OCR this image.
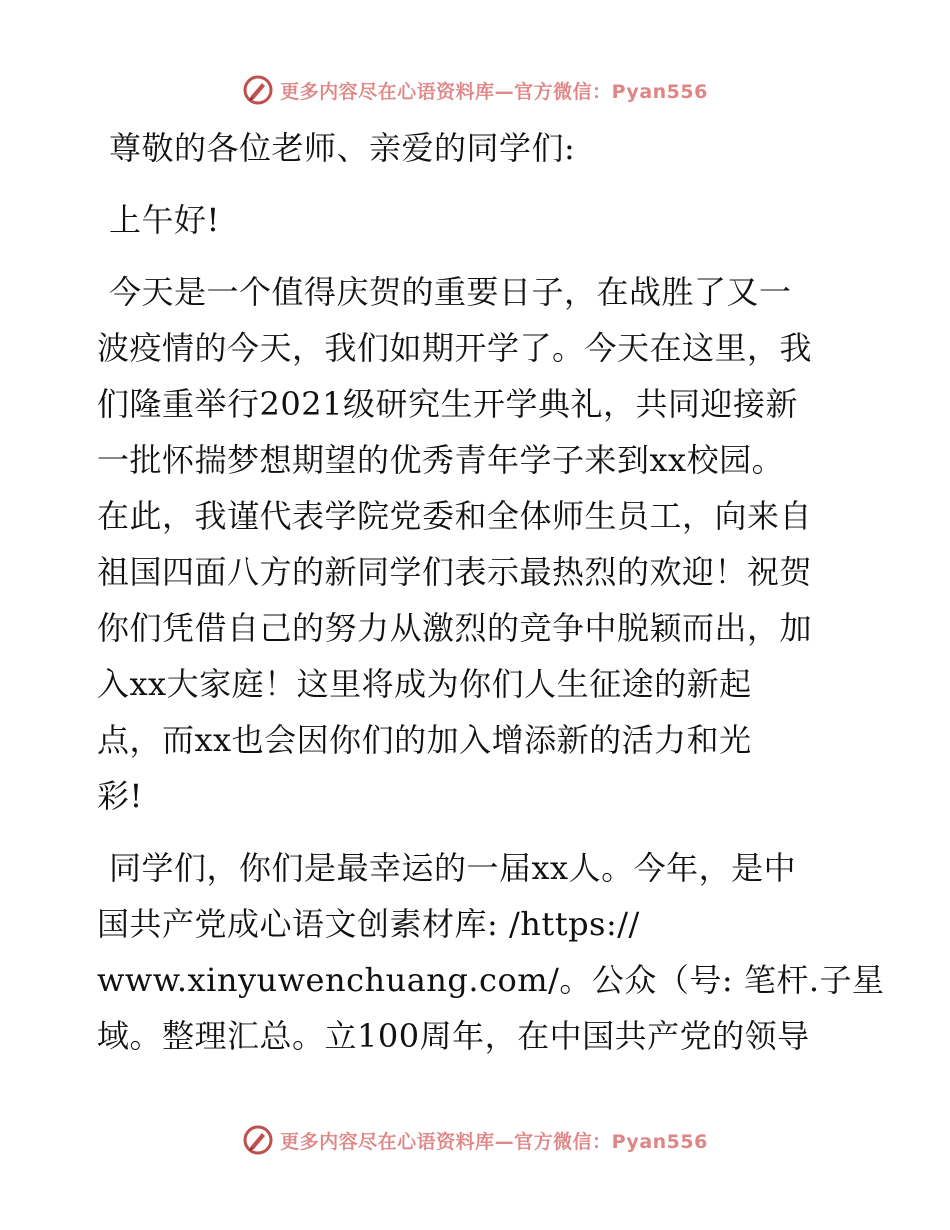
更多内容尽在心语资料库—官方微信：Pyan556
尊敬的各位老师、亲爱的同学们:
上午好!
今天是一个值得庆贺的重要日子，在战胜了又一
波疫情的今天，我们如期开学了。今天在这里，我
们隆重举行2021级研究生开学典礼，共同迎接新
一批怀揣梦想期望的优秀青年学子来到xx校园。
在此，我谨代表学院党委和全体师生员工，向来自
祖国四面八方的新同学们表示最热烈的欢迎！祝贺
你们凭借自己的努力从激烈的竞争中脱颖而出，加
入xx大家庭！这里将成为你们人生征途的新起
点，而xx也会因你们的加入增添新的活力和光
彩!
同学们，你们是最幸运的一届xx人。今年，是中
国共产党成心语文创素材库: /https://
www.xinyuwenchuang.com/。公众（号: 笔杆.子星
域。整理汇总。立100周年，在中国共产党的领导
更多内容尽在心语资料库—官方微信：Pyan556
